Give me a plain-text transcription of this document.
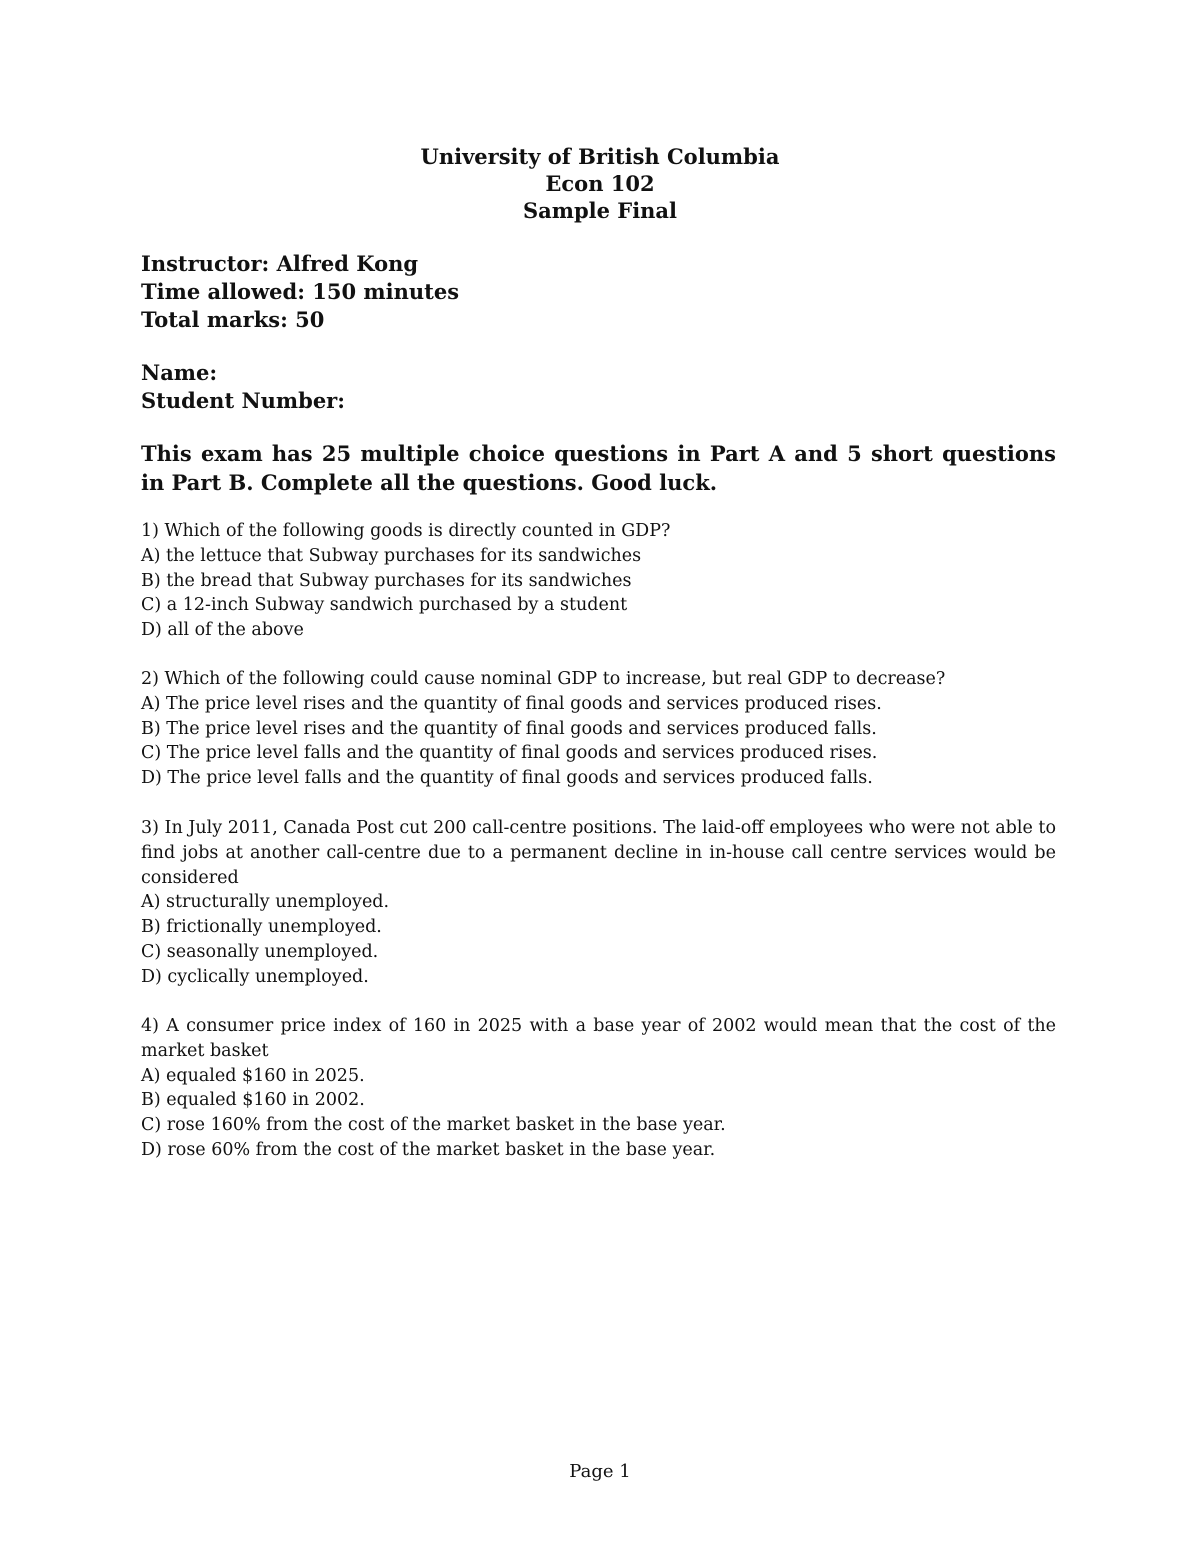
University of British Columbia
Econ 102
Sample Final
Instructor: Alfred Kong
Time allowed: 150 minutes
Total marks: 50
Name:
Student Number:
This exam has 25 multiple choice questions in Part A and 5 short questions in Part B. Complete all the questions. Good luck.
1) Which of the following goods is directly counted in GDP?
A) the lettuce that Subway purchases for its sandwiches
B) the bread that Subway purchases for its sandwiches
C) a 12-inch Subway sandwich purchased by a student
D) all of the above
2) Which of the following could cause nominal GDP to increase, but real GDP to decrease?
A) The price level rises and the quantity of final goods and services produced rises.
B) The price level rises and the quantity of final goods and services produced falls.
C) The price level falls and the quantity of final goods and services produced rises.
D) The price level falls and the quantity of final goods and services produced falls.
3) In July 2011, Canada Post cut 200 call-centre positions. The laid-off employees who were not able to find jobs at another call-centre due to a permanent decline in in-house call centre services would be considered
A) structurally unemployed.
B) frictionally unemployed.
C) seasonally unemployed.
D) cyclically unemployed.
4) A consumer price index of 160 in 2025 with a base year of 2002 would mean that the cost of the market basket
A) equaled $160 in 2025.
B) equaled $160 in 2002.
C) rose 160% from the cost of the market basket in the base year.
D) rose 60% from the cost of the market basket in the base year.
Page 1
